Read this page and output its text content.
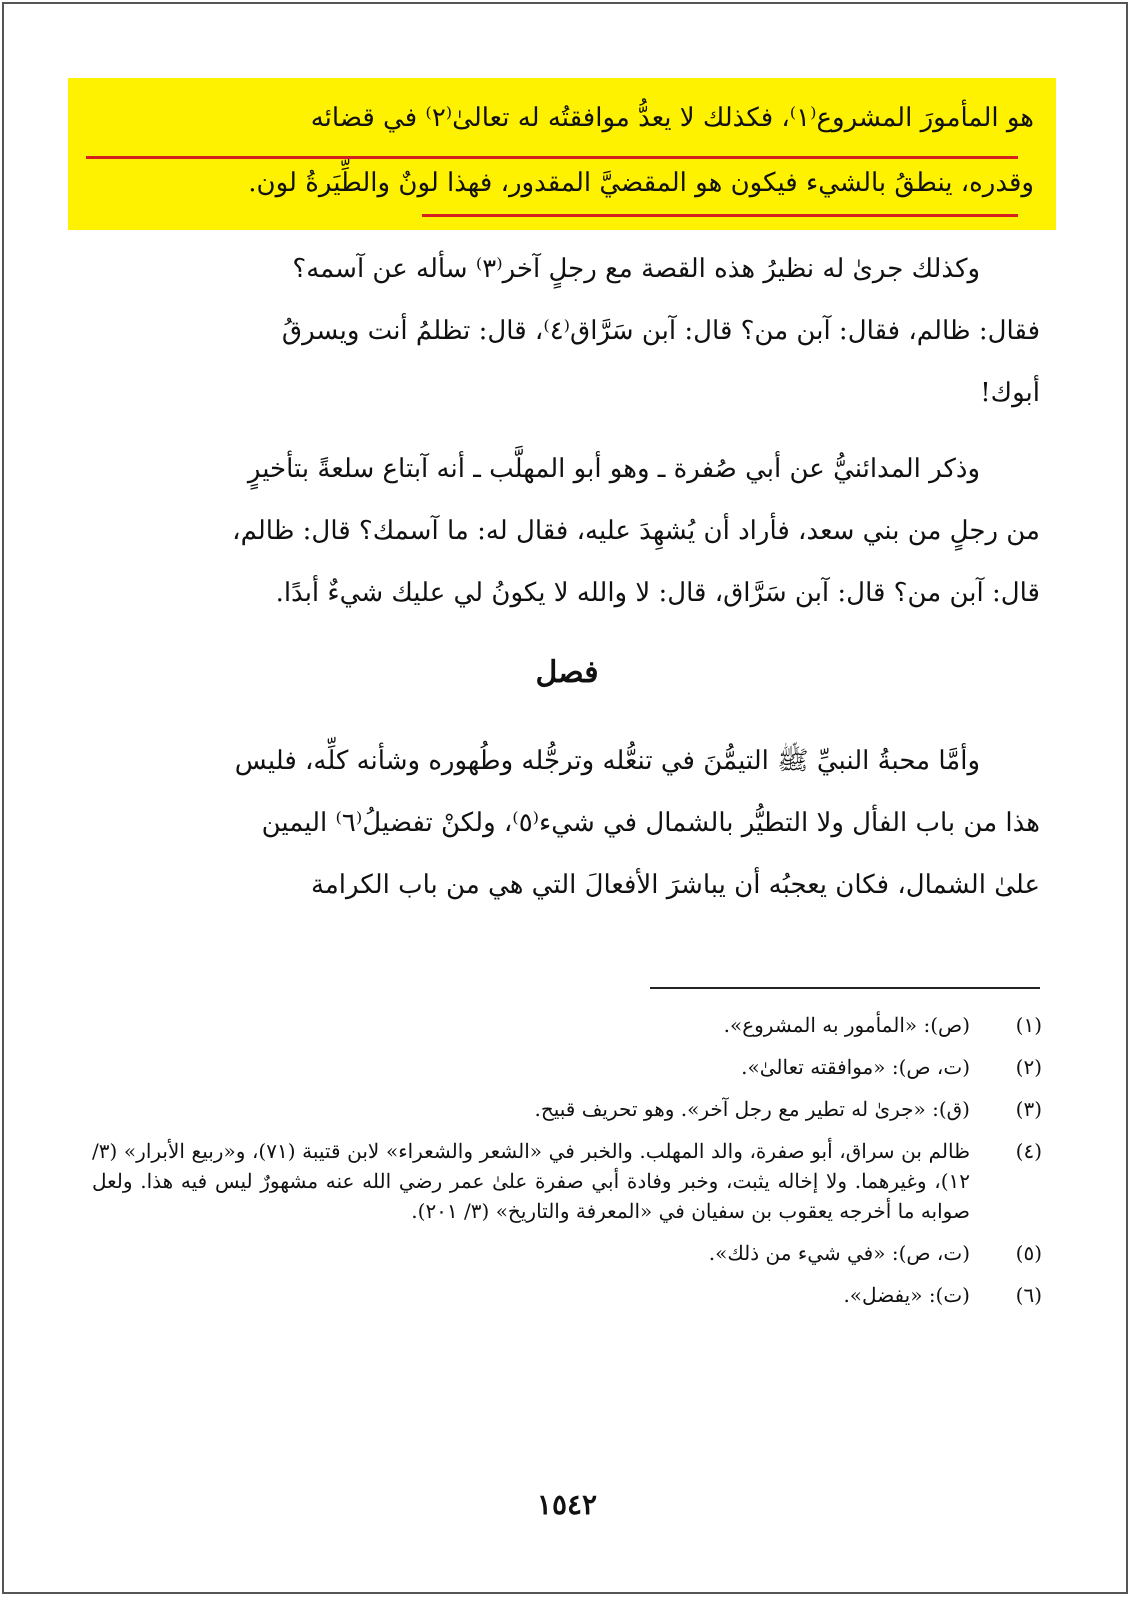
هو المأمورَ المشروع⁽١⁾، فكذلك لا يعدُّ موافقتُه له تعالىٰ⁽٢⁾ في قضائه
وقدره، ينطقُ بالشيء فيكون هو المقضيَّ المقدور، فهذا لونٌ والطِّيَرةُ لون.

وكذلك جرىٰ له نظيرُ هذه القصة مع رجلٍ آخر⁽٣⁾ سأله عن آسمه؟

فقال: ظالم، فقال: آبن من؟ قال: آبن سَرَّاق⁽٤⁾، قال: تظلمُ أنت ويسرقُ

أبوك!

وذكر المدائنيُّ عن أبي صُفرة ـ وهو أبو المهلَّب ـ أنه آبتاع سلعةً بتأخيرٍ

من رجلٍ من بني سعد، فأراد أن يُشهِدَ عليه، فقال له: ما آسمك؟ قال: ظالم،

قال: آبن من؟ قال: آبن سَرَّاق، قال: لا والله لا يكونُ لي عليك شيءٌ أبدًا.

فصل

وأمَّا محبةُ النبيِّ ﷺ التيمُّنَ في تنعُّله وترجُّله وطُهوره وشأنه كلِّه، فليس

هذا من باب الفأل ولا التطيُّر بالشمال في شيء⁽٥⁾، ولكنْ تفضيلُ⁽٦⁾ اليمين

علىٰ الشمال، فكان يعجبُه أن يباشرَ الأفعالَ التي هي من باب الكرامة

(١)
(ص): «المأمور به المشروع».
(٢)
(ت، ص): «موافقته تعالىٰ».
(٣)
(ق): «جرىٰ له تطير مع رجل آخر». وهو تحريف قبيح.
(٤)
ظالم بن سراق، أبو صفرة، والد المهلب. والخبر في «الشعر والشعراء» لابن قتيبة (٧١)، و«ربيع الأبرار» (٣/ ١٢)، وغيرهما. ولا إخاله يثبت، وخبر وفادة أبي صفرة علىٰ عمر رضي الله عنه مشهورٌ ليس فيه هذا. ولعل صوابه ما أخرجه يعقوب بن سفيان في «المعرفة والتاريخ» (٣/ ٢٠١).
(٥)
(ت، ص): «في شيء من ذلك».
(٦)
(ت): «يفضل».
١٥٤٢
